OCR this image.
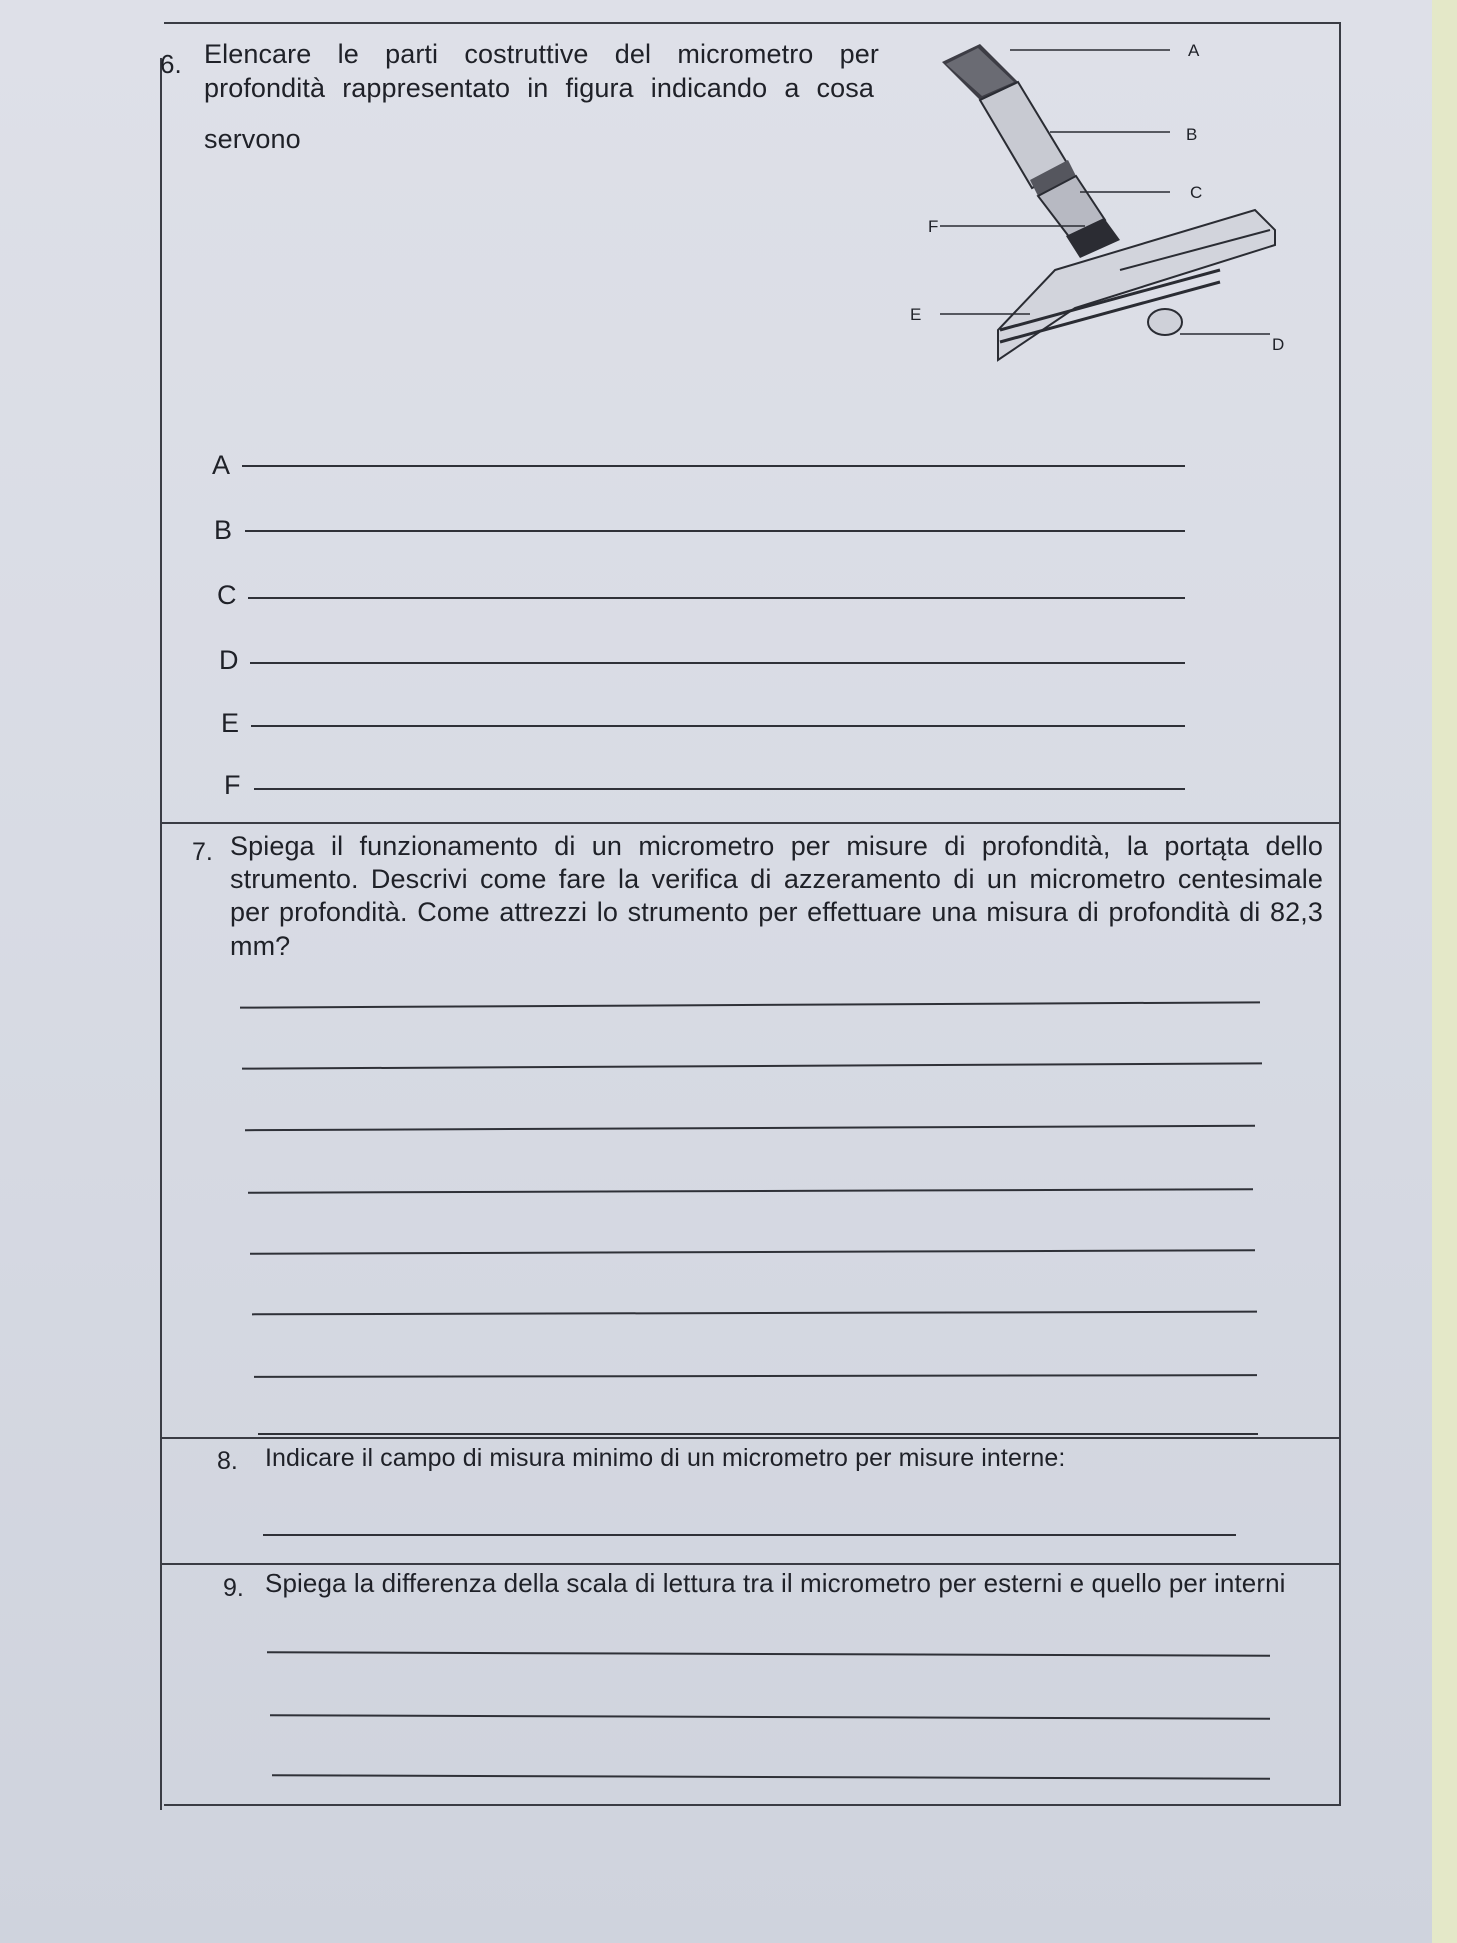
6. Elencare le parti costruttive del micrometro per
profondità rappresentato in figura indicando a cosa
servono
A
B
C
F
E
D
A
B
C
D
E
F
7. Spiega il funzionamento di un micrometro per misure di profondità, la portąta dello
strumento. Descrivi come fare la verifica di azzeramento di un micrometro centesimale
per profondità. Come attrezzi lo strumento per effettuare una misura di profondità di 82,3
mm?
8. Indicare il campo di misura minimo di un micrometro per misure interne:
9. Spiega la differenza della scala di lettura tra il micrometro per esterni e quello per interni
